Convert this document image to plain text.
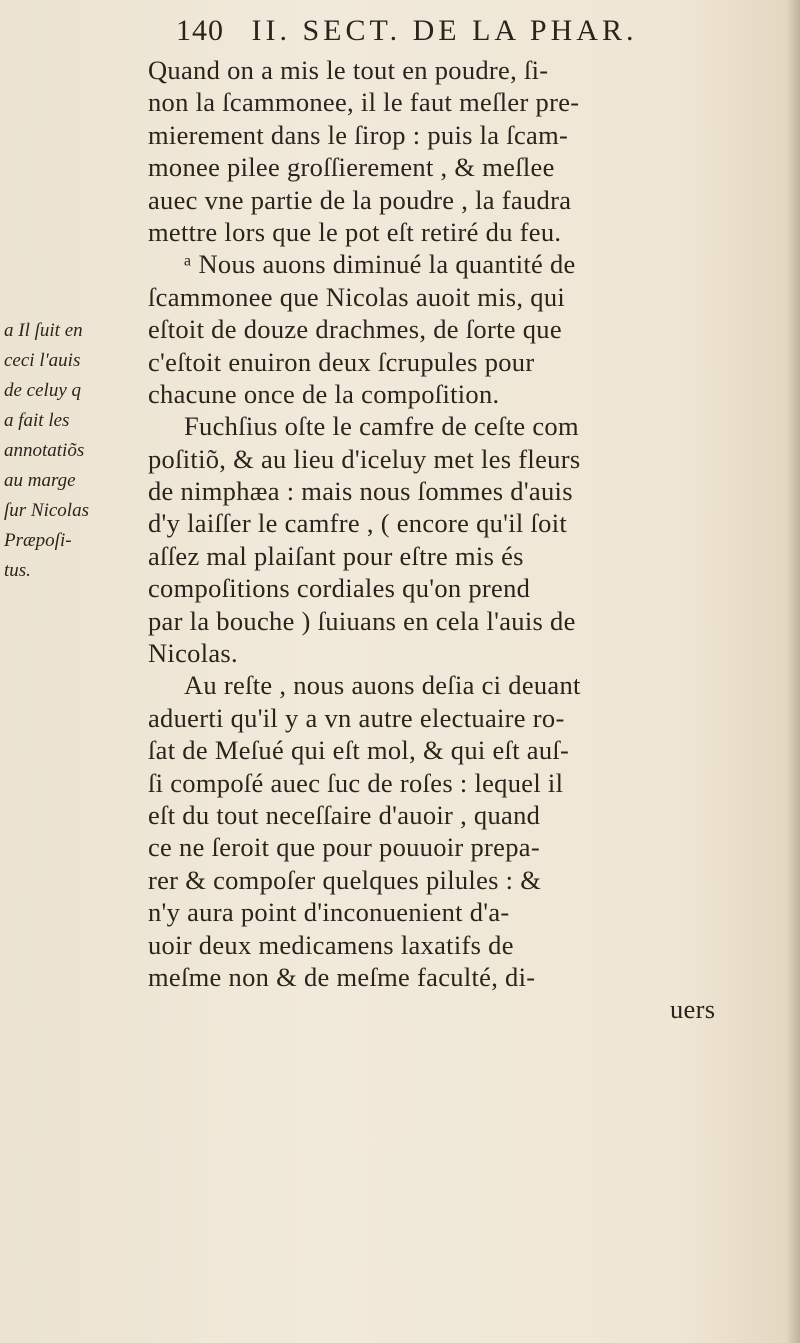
140 II. SECT. DE LA PHAR.
a Il ſuit en
ceci l'auis
de celuy q
a fait les
annotatiõs
au marge
ſur Nicolas
Præpoſi-
tus.
Quand on a mis le tout en poudre, ſi-
non la ſcammonee, il le faut meſler pre-
mierement dans le ſirop : puis la ſcam-
monee pilee groſſierement , & meſlee
auec vne partie de la poudre , la faudra
mettre lors que le pot eſt retiré du feu.
ᵃ Nous auons diminué la quantité de
ſcammonee que Nicolas auoit mis, qui
eſtoit de douze drachmes, de ſorte que
c'eſtoit enuiron deux ſcrupules pour
chacune once de la compoſition.
Fuchſius oſte le camfre de ceſte com
poſitiõ, & au lieu d'iceluy met les fleurs
de nimphæa : mais nous ſommes d'auis
d'y laiſſer le camfre , ( encore qu'il ſoit
aſſez mal plaiſant pour eſtre mis és
compoſitions cordiales qu'on prend
par la bouche ) ſuiuans en cela l'auis de
Nicolas.
Au reſte , nous auons deſia ci deuant
aduerti qu'il y a vn autre electuaire ro-
ſat de Meſué qui eſt mol, & qui eſt auſ-
ſi compoſé auec ſuc de roſes : lequel il
eſt du tout neceſſaire d'auoir , quand
ce ne ſeroit que pour pouuoir prepa-
rer & compoſer quelques pilules : &
n'y aura point d'inconuenient d'a-
uoir deux medicamens laxatifs de
meſme non & de meſme faculté, di-
uers
